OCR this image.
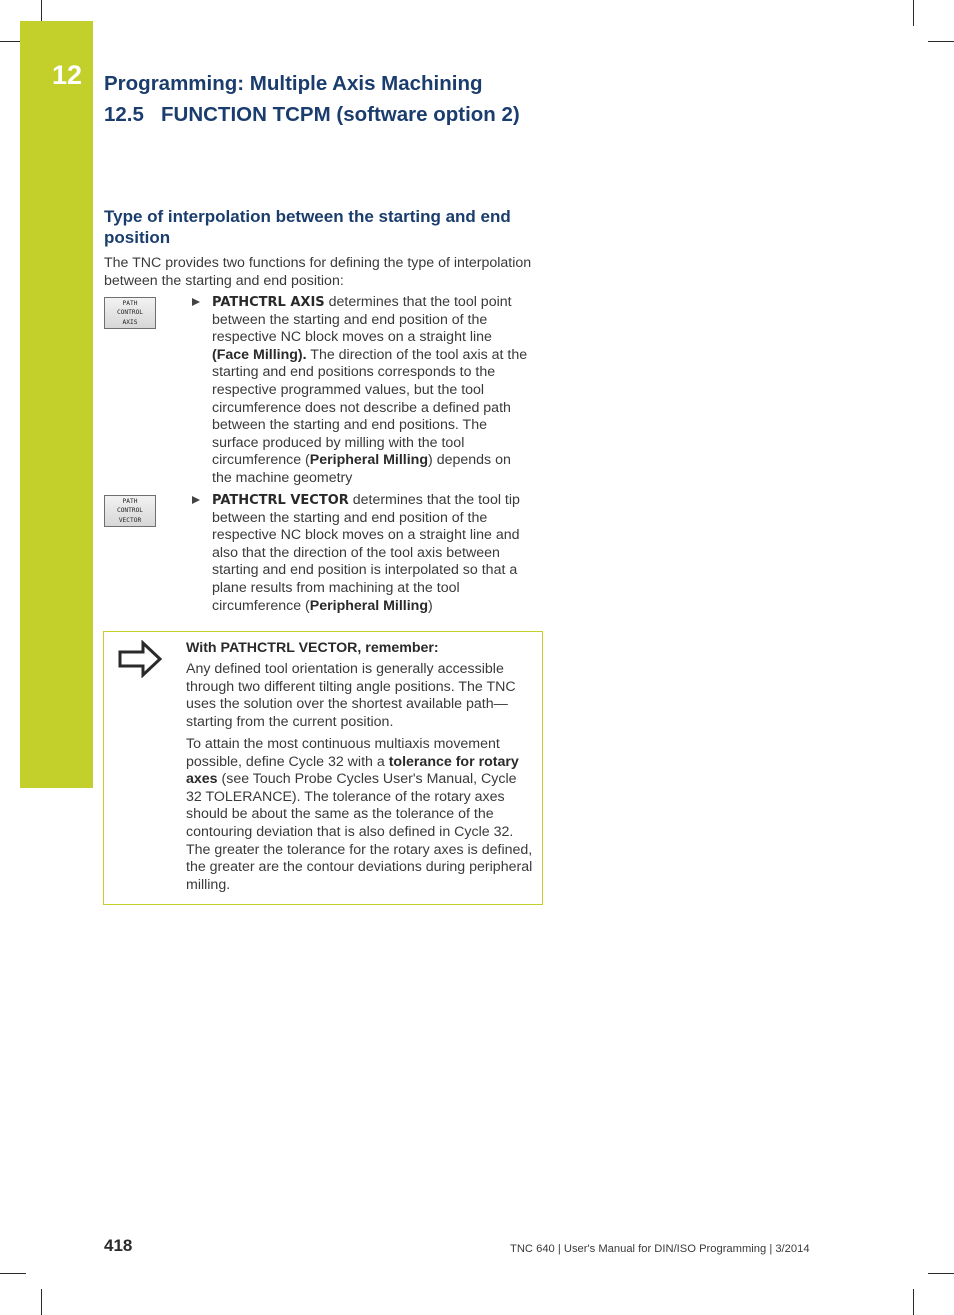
12 Programming: Multiple Axis Machining
12.5 FUNCTION TCPM (software option 2)
Type of interpolation between the starting and end position
The TNC provides two functions for defining the type of interpolation between the starting and end position:
PATH
CONTROL
AXIS
PATHCTRL AXIS determines that the tool point between the starting and end position of the respective NC block moves on a straight line (Face Milling). The direction of the tool axis at the starting and end positions corresponds to the respective programmed values, but the tool circumference does not describe a defined path between the starting and end positions. The surface produced by milling with the tool circumference (Peripheral Milling) depends on the machine geometry
PATH
CONTROL
VECTOR
PATHCTRL VECTOR determines that the tool tip between the starting and end position of the respective NC block moves on a straight line and also that the direction of the tool axis between starting and end position is interpolated so that a plane results from machining at the tool circumference (Peripheral Milling)
With PATHCTRL VECTOR, remember:
Any defined tool orientation is generally accessible through two different tilting angle positions. The TNC uses the solution over the shortest available path—starting from the current position.
To attain the most continuous multiaxis movement possible, define Cycle 32 with a tolerance for rotary axes (see Touch Probe Cycles User's Manual, Cycle 32 TOLERANCE). The tolerance of the rotary axes should be about the same as the tolerance of the contouring deviation that is also defined in Cycle 32. The greater the tolerance for the rotary axes is defined, the greater are the contour deviations during peripheral milling.
418	TNC 640 | User's Manual for DIN/ISO Programming | 3/2014
